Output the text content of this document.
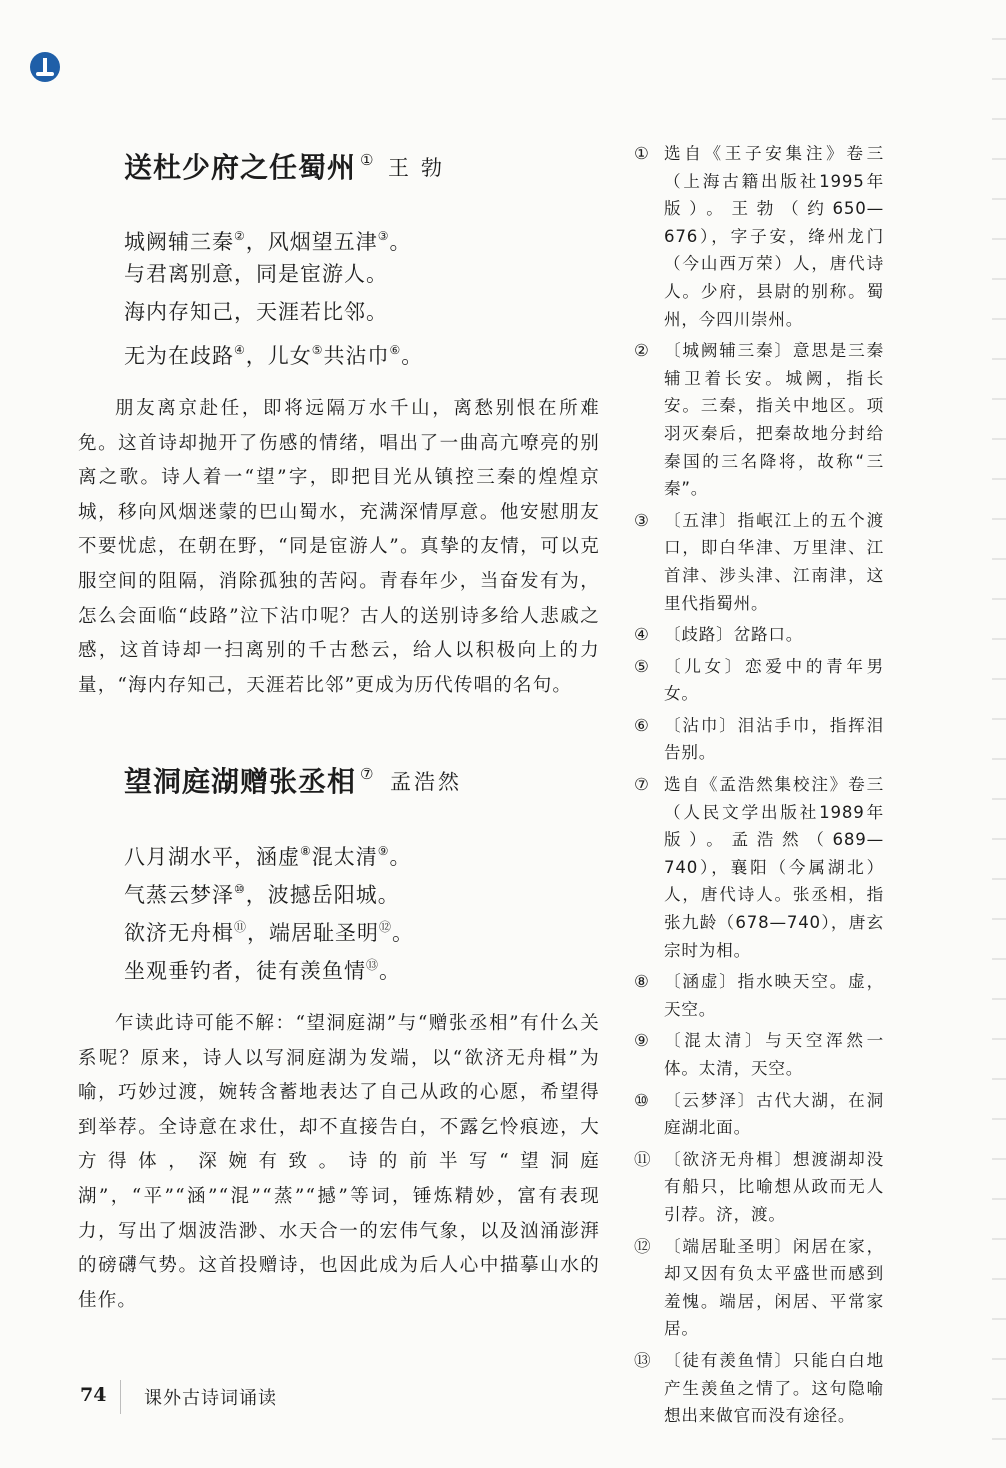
送杜少府之任蜀州 ① 王勃
城阙辅三秦②，风烟望五津③。
与君离别意，同是宦游人。
海内存知己，天涯若比邻。
无为在歧路④，儿女⑤共沾巾⑥。
朋友离京赴任，即将远隔万水千山，离愁别恨在所难免。这首诗却抛开了伤感的情绪，唱出了一曲高亢嘹亮的别离之歌。诗人着一“望”字，即把目光从镇控三秦的煌煌京城，移向风烟迷蒙的巴山蜀水，充满深情厚意。他安慰朋友不要忧虑，在朝在野，“同是宦游人”。真挚的友情，可以克服空间的阻隔，消除孤独的苦闷。青春年少，当奋发有为，怎么会面临“歧路”泣下沾巾呢？古人的送别诗多给人悲戚之感，这首诗却一扫离别的千古愁云，给人以积极向上的力量，“海内存知己，天涯若比邻”更成为历代传唱的名句。
望洞庭湖赠张丞相 ⑦ 孟浩然
八月湖水平，涵虚⑧混太清⑨。
气蒸云梦泽⑩，波撼岳阳城。
欲济无舟楫⑪，端居耻圣明⑫。
坐观垂钓者，徒有羡鱼情⑬。
乍读此诗可能不解：“望洞庭湖”与“赠张丞相”有什么关系呢？原来，诗人以写洞庭湖为发端，以“欲济无舟楫”为喻，巧妙过渡，婉转含蓄地表达了自己从政的心愿，希望得到举荐。全诗意在求仕，却不直接告白，不露乞怜痕迹，大方得体，深婉有致。诗的前半写“望洞庭湖”，“平”“涵”“混”“蒸”“撼”等词，锤炼精妙，富有表现力，写出了烟波浩渺、水天合一的宏伟气象，以及汹涌澎湃的磅礴气势。这首投赠诗，也因此成为后人心中描摹山水的佳作。
① 选自《王子安集注》卷三（上海古籍出版社1995年版）。王勃（约650—676），字子安，绛州龙门（今山西万荣）人，唐代诗人。少府，县尉的别称。蜀州，今四川崇州。
② 〔城阙辅三秦〕意思是三秦辅卫着长安。城阙，指长安。三秦，指关中地区。项羽灭秦后，把秦故地分封给秦国的三名降将，故称“三秦”。
③ 〔五津〕指岷江上的五个渡口，即白华津、万里津、江首津、涉头津、江南津，这里代指蜀州。
④ 〔歧路〕岔路口。
⑤ 〔儿女〕恋爱中的青年男女。
⑥ 〔沾巾〕泪沾手巾，指挥泪告别。
⑦ 选自《孟浩然集校注》卷三（人民文学出版社1989年版）。孟浩然（689—740），襄阳（今属湖北）人，唐代诗人。张丞相，指张九龄（678—740），唐玄宗时为相。
⑧ 〔涵虚〕指水映天空。虚，天空。
⑨ 〔混太清〕与天空浑然一体。太清，天空。
⑩ 〔云梦泽〕古代大湖，在洞庭湖北面。
⑪ 〔欲济无舟楫〕想渡湖却没有船只，比喻想从政而无人引荐。济，渡。
⑫ 〔端居耻圣明〕闲居在家，却又因有负太平盛世而感到羞愧。端居，闲居、平常家居。
⑬ 〔徒有羡鱼情〕只能白白地产生羡鱼之情了。这句隐喻想出来做官而没有途径。
74 课外古诗词诵读
